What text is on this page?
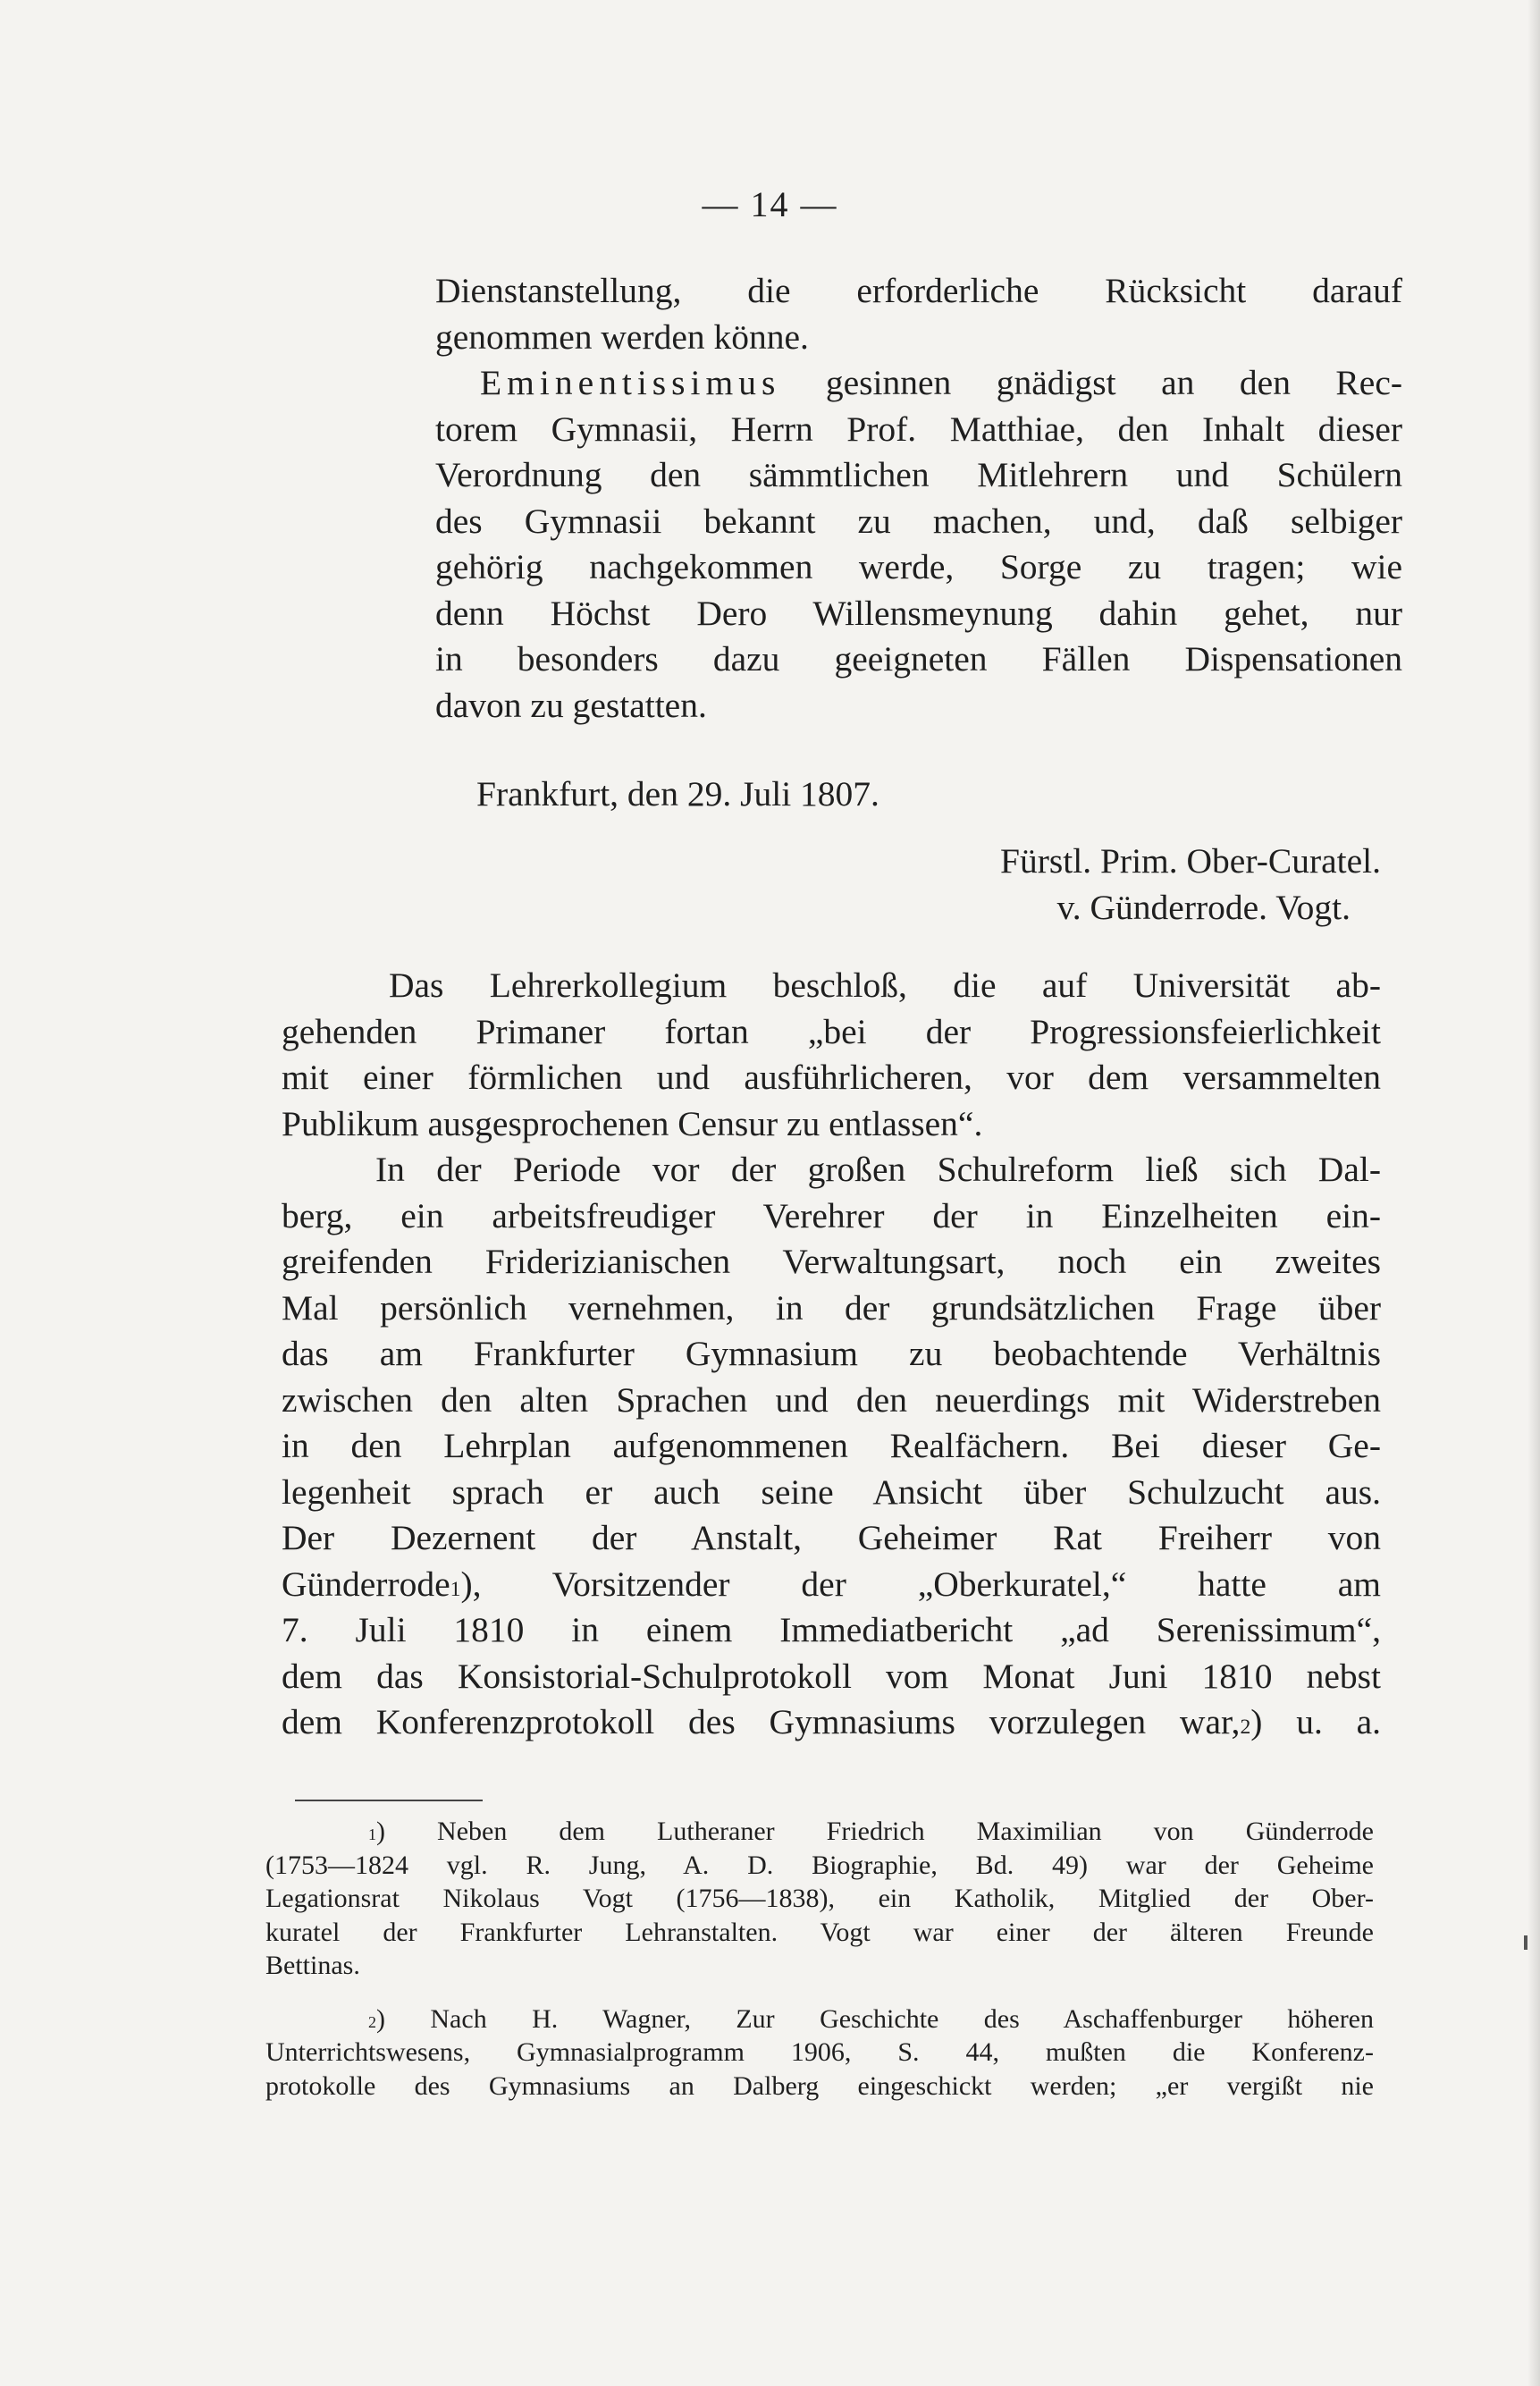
— 14 —
Dienstanstellung, die erforderliche Rücksicht darauf
genommen werden könne.
Eminentissimus gesinnen gnädigst an den Rec-
torem Gymnasii, Herrn Prof. Matthiae, den Inhalt dieser
Verordnung den sämmtlichen Mitlehrern und Schülern
des Gymnasii bekannt zu machen, und, daß selbiger
gehörig nachgekommen werde, Sorge zu tragen; wie
denn Höchst Dero Willensmeynung dahin gehet, nur
in besonders dazu geeigneten Fällen Dispensationen
davon zu gestatten.
Frankfurt, den 29. Juli 1807.
Fürstl. Prim. Ober-Curatel.
v. Günderrode. Vogt.
Das Lehrerkollegium beschloß, die auf Universität ab-
gehenden Primaner fortan „bei der Progressionsfeierlichkeit
mit einer förmlichen und ausführlicheren, vor dem versammelten
Publikum ausgesprochenen Censur zu entlassen“.
In der Periode vor der großen Schulreform ließ sich Dal-
berg, ein arbeitsfreudiger Verehrer der in Einzelheiten ein-
greifenden Friderizianischen Verwaltungsart, noch ein zweites
Mal persönlich vernehmen, in der grundsätzlichen Frage über
das am Frankfurter Gymnasium zu beobachtende Verhältnis
zwischen den alten Sprachen und den neuerdings mit Widerstreben
in den Lehrplan aufgenommenen Realfächern. Bei dieser Ge-
legenheit sprach er auch seine Ansicht über Schulzucht aus.
Der Dezernent der Anstalt, Geheimer Rat Freiherr von
Günderrode$^1$), Vorsitzender der „Oberkuratel,“ hatte am
7. Juli 1810 in einem Immediatbericht „ad Serenissimum“,
dem das Konsistorial-Schulprotokoll vom Monat Juni 1810 nebst
dem Konferenzprotokoll des Gymnasiums vorzulegen war,$^2$) u. a.
$^1$) Neben dem Lutheraner Friedrich Maximilian von Günderrode
(1753—1824 vgl. R. Jung, A. D. Biographie, Bd. 49) war der Geheime
Legationsrat Nikolaus Vogt (1756—1838), ein Katholik, Mitglied der Ober-
kuratel der Frankfurter Lehranstalten. Vogt war einer der älteren Freunde
Bettinas.
$^2$) Nach H. Wagner, Zur Geschichte des Aschaffenburger höheren
Unterrichtswesens, Gymnasialprogramm 1906, S. 44, mußten die Konferenz-
protokolle des Gymnasiums an Dalberg eingeschickt werden; „er vergißt nie
